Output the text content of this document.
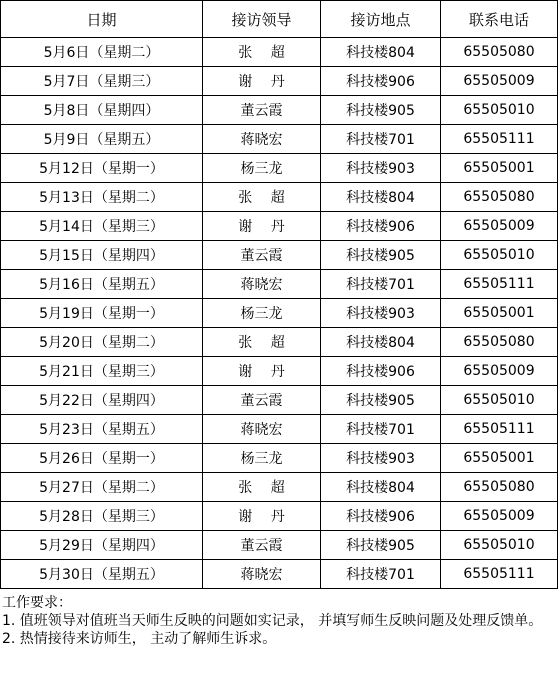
日期	接访领导	接访地点	联系电话
5月6日（星期二）	张　 超	科技楼804	65505080
5月7日（星期三）	谢　 丹	科技楼906	65505009
5月8日（星期四）	董云霞	科技楼905	65505010
5月9日（星期五）	蒋晓宏	科技楼701	65505111
5月12日（星期一）	杨三龙	科技楼903	65505001
5月13日（星期二）	张　 超	科技楼804	65505080
5月14日（星期三）	谢　 丹	科技楼906	65505009
5月15日（星期四）	董云霞	科技楼905	65505010
5月16日（星期五）	蒋晓宏	科技楼701	65505111
5月19日（星期一）	杨三龙	科技楼903	65505001
5月20日（星期二）	张　 超	科技楼804	65505080
5月21日（星期三）	谢　 丹	科技楼906	65505009
5月22日（星期四）	董云霞	科技楼905	65505010
5月23日（星期五）	蒋晓宏	科技楼701	65505111
5月26日（星期一）	杨三龙	科技楼903	65505001
5月27日（星期二）	张　 超	科技楼804	65505080
5月28日（星期三）	谢　 丹	科技楼906	65505009
5月29日（星期四）	董云霞	科技楼905	65505010
5月30日（星期五）	蒋晓宏	科技楼701	65505111
工作要求：
1. 值班领导对值班当天师生反映的问题如实记录， 并填写师生反映问题及处理反馈单。
2. 热情接待来访师生， 主动了解师生诉求。
